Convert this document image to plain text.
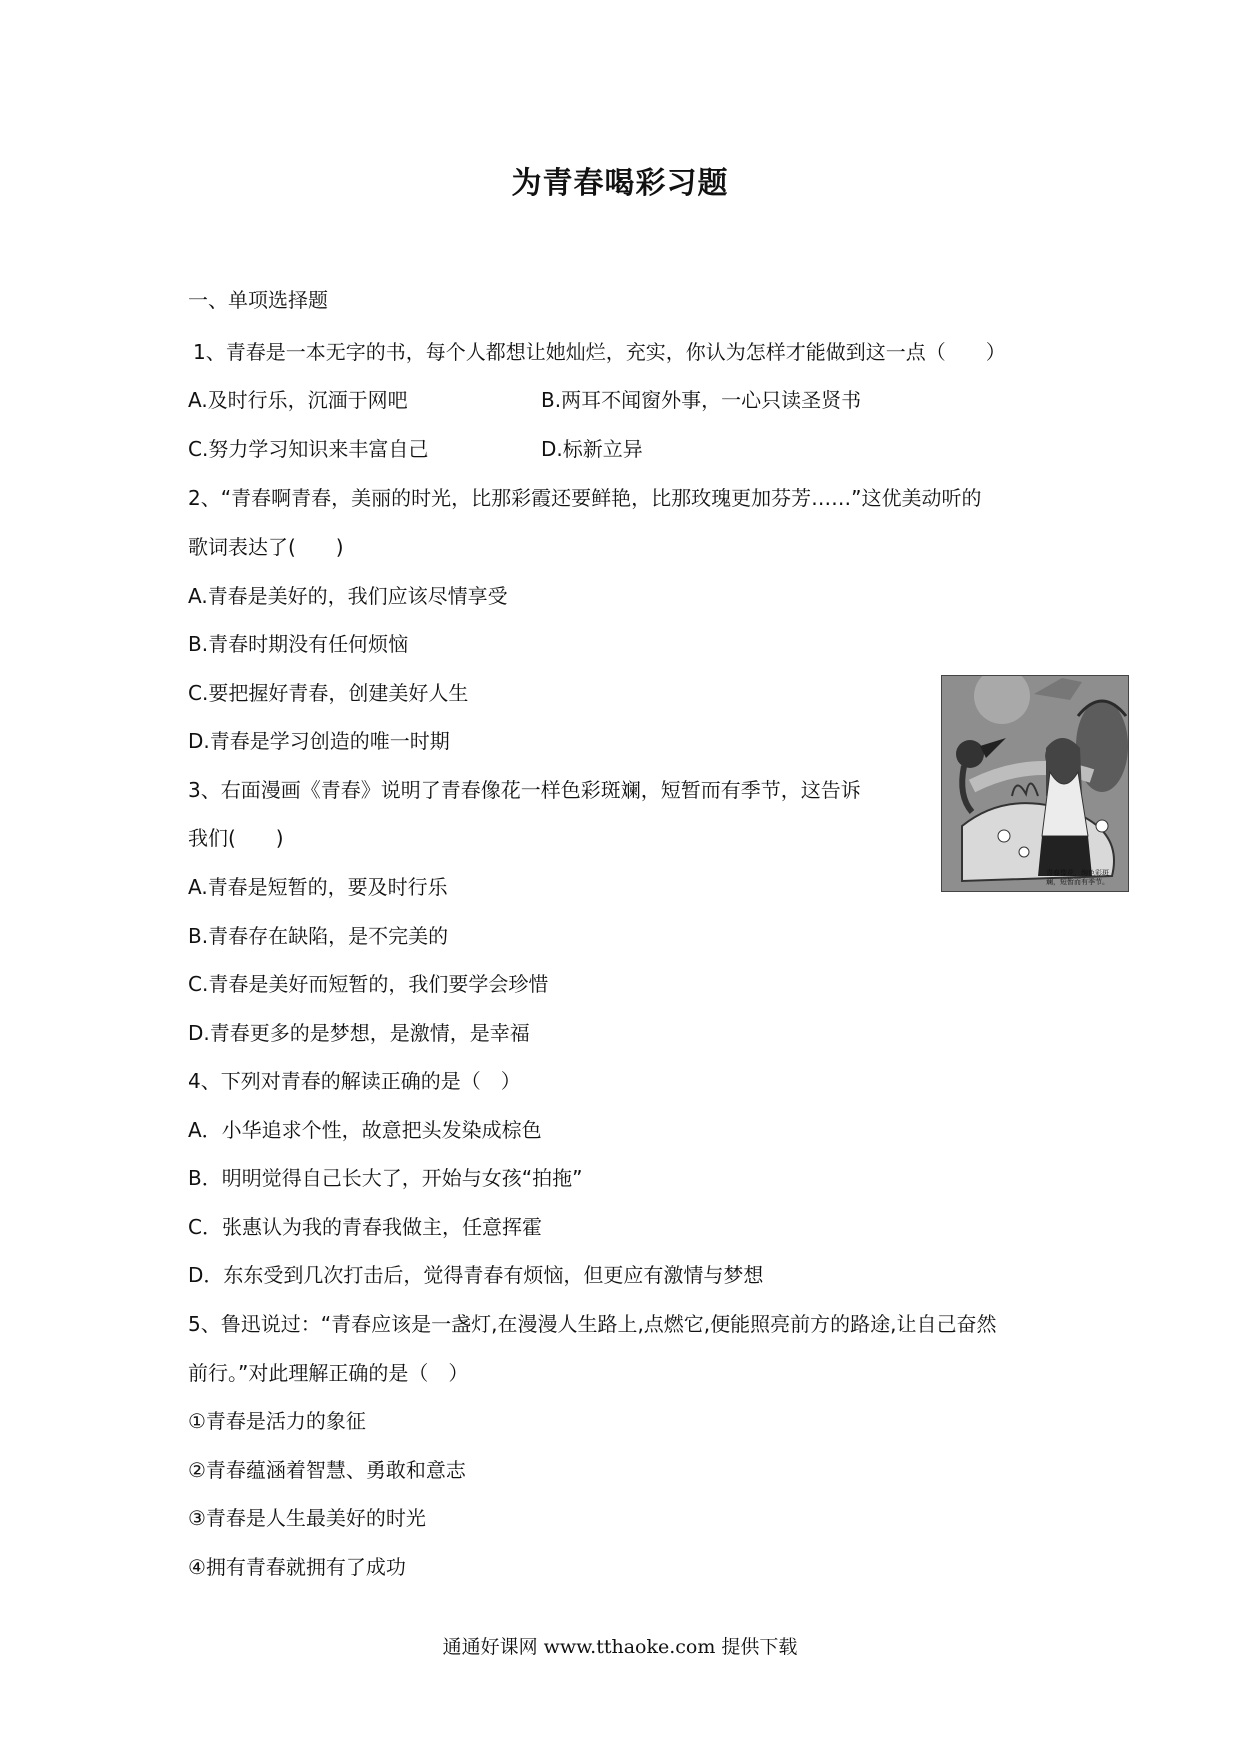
为青春喝彩习题
一、单项选择题
1、青春是一本无字的书，每个人都想让她灿烂，充实，你认为怎样才能做到这一点（　　）
A.及时行乐，沉湎于网吧	B.两耳不闻窗外事，一心只读圣贤书
C.努力学习知识来丰富自己	D.标新立异
2、“青春啊青春，美丽的时光，比那彩霞还要鲜艳，比那玫瑰更加芬芳……”这优美动听的
歌词表达了(　　)
A.青春是美好的，我们应该尽情享受
B.青春时期没有任何烦恼
C.要把握好青春，创建美好人生
D.青春是学习创造的唯一时期
3、右面漫画《青春》说明了青春像花一样色彩斑斓，短暂而有季节，这告诉
我们(　　)
A.青春是短暂的，要及时行乐
B.青春存在缺陷，是不完美的
C.青春是美好而短暂的，我们要学会珍惜
D.青春更多的是梦想，是激情，是幸福
4、下列对青春的解读正确的是（　）
A．小华追求个性，故意把头发染成棕色
B．明明觉得自己长大了，开始与女孩“拍拖”
C．张惠认为我的青春我做主，任意挥霍
D．东东受到几次打击后，觉得青春有烦恼，但更应有激情与梦想
5、鲁迅说过：“青春应该是一盏灯,在漫漫人生路上,点燃它,便能照亮前方的路途,让自己奋然
前行。”对此理解正确的是（　）
①青春是活力的象征
②青春蕴涵着智慧、勇敢和意志
③青春是人生最美好的时光
④拥有青春就拥有了成功
青春像花，绚色彩斑斓，短暂而有季节。
通通好课网 www.tthaoke.com 提供下载
